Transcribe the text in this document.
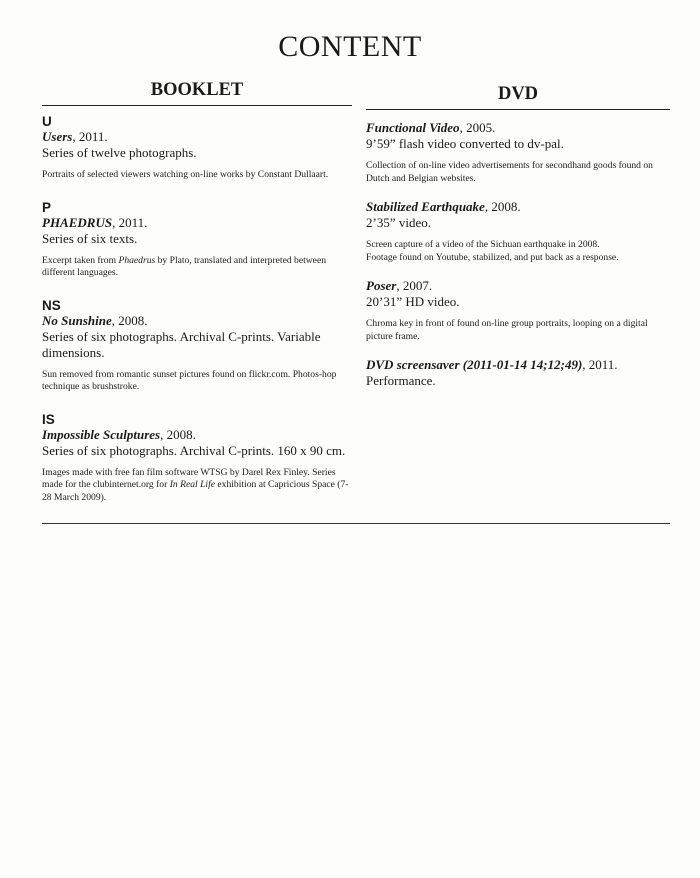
CONTENT
BOOKLET
U
Users, 2011.
Series of twelve photographs.
Portraits of selected viewers watching on-line works by Constant Dullaart.
P
PHAEDRUS, 2011.
Series of six texts.
Excerpt taken from Phaedrus by Plato, translated and interpreted between different languages.
NS
No Sunshine, 2008.
Series of six photographs. Archival C-prints. Variable dimensions.
Sun removed from romantic sunset pictures found on flickr.com. Photos-hop technique as brushstroke.
IS
Impossible Sculptures, 2008.
Series of six photographs. Archival C-prints. 160 x 90 cm.
Images made with free fan film software WTSG by Darel Rex Finley. Series made for the clubinternet.org for In Real Life exhibition at Capricious Space (7-28 March 2009).
DVD
Functional Video, 2005.
9’59” flash video converted to dv-pal.
Collection of on-line video advertisements for secondhand goods found on Dutch and Belgian websites.
Stabilized Earthquake, 2008.
2’35” video.
Screen capture of a video of the Sichuan earthquake in 2008.
Footage found on Youtube, stabilized, and put back as a response.
Poser, 2007.
20’31” HD video.
Chroma key in front of found on-line group portraits, looping on a digital picture frame.
DVD screensaver (2011-01-14 14;12;49), 2011.
Performance.
